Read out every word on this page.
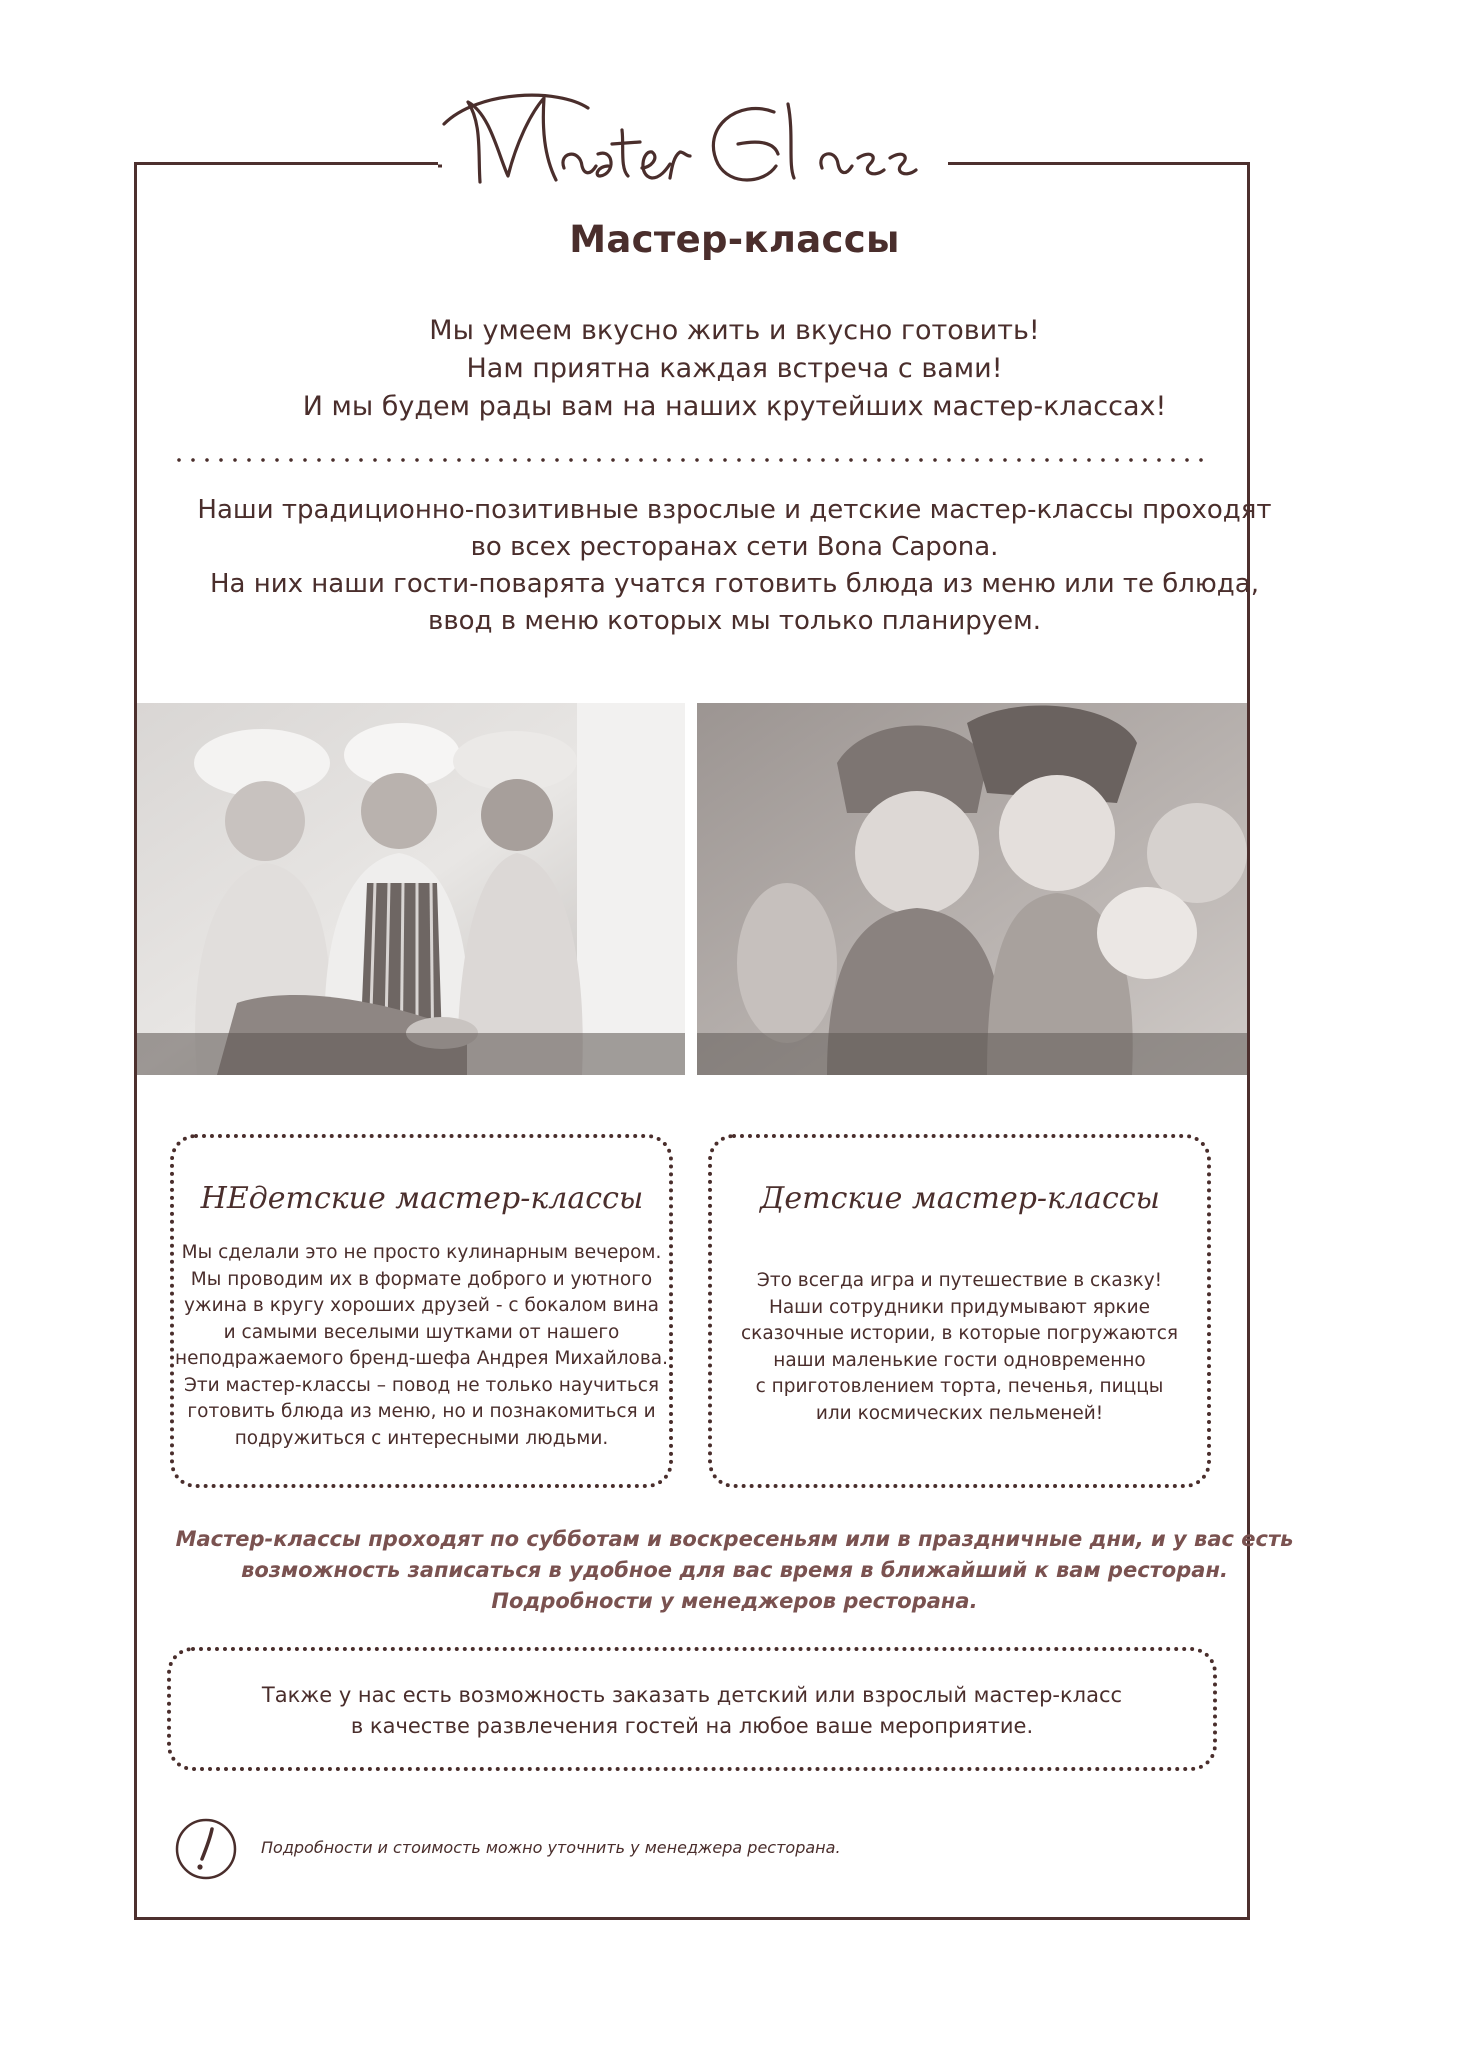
Мастер-классы
Мы умеем вкусно жить и вкусно готовить!
Нам приятна каждая встреча с вами!
И мы будем рады вам на наших крутейших мастер-классах!
Наши традиционно-позитивные взрослые и детские мастер-классы проходят
во всех ресторанах сети Bona Capona.
На них наши гости-поварята учатся готовить блюда из меню или те блюда,
ввод в меню которых мы только планируем.
НЕдетские мастер-классы
Мы сделали это не просто кулинарным вечером.
Мы проводим их в формате доброго и уютного
ужина в кругу хороших друзей - с бокалом вина
и самыми веселыми шутками от нашего
неподражаемого бренд-шефа Андрея Михайлова.
Эти мастер-классы – повод не только научиться
готовить блюда из меню, но и познакомиться и
подружиться с интересными людьми.
Детские мастер-классы
Это всегда игра и путешествие в сказку!
Наши сотрудники придумывают яркие
сказочные истории, в которые погружаются
наши маленькие гости одновременно
с приготовлением торта, печенья, пиццы
или космических пельменей!
Мастер-классы проходят по субботам и воскресеньям или в праздничные дни, и у вас есть
возможность записаться в удобное для вас время в ближайший к вам ресторан.
Подробности у менеджеров ресторана.
Также у нас есть возможность заказать детский или взрослый мастер-класс
в качестве развлечения гостей на любое ваше мероприятие.
Подробности и стоимость можно уточнить у менеджера ресторана.
